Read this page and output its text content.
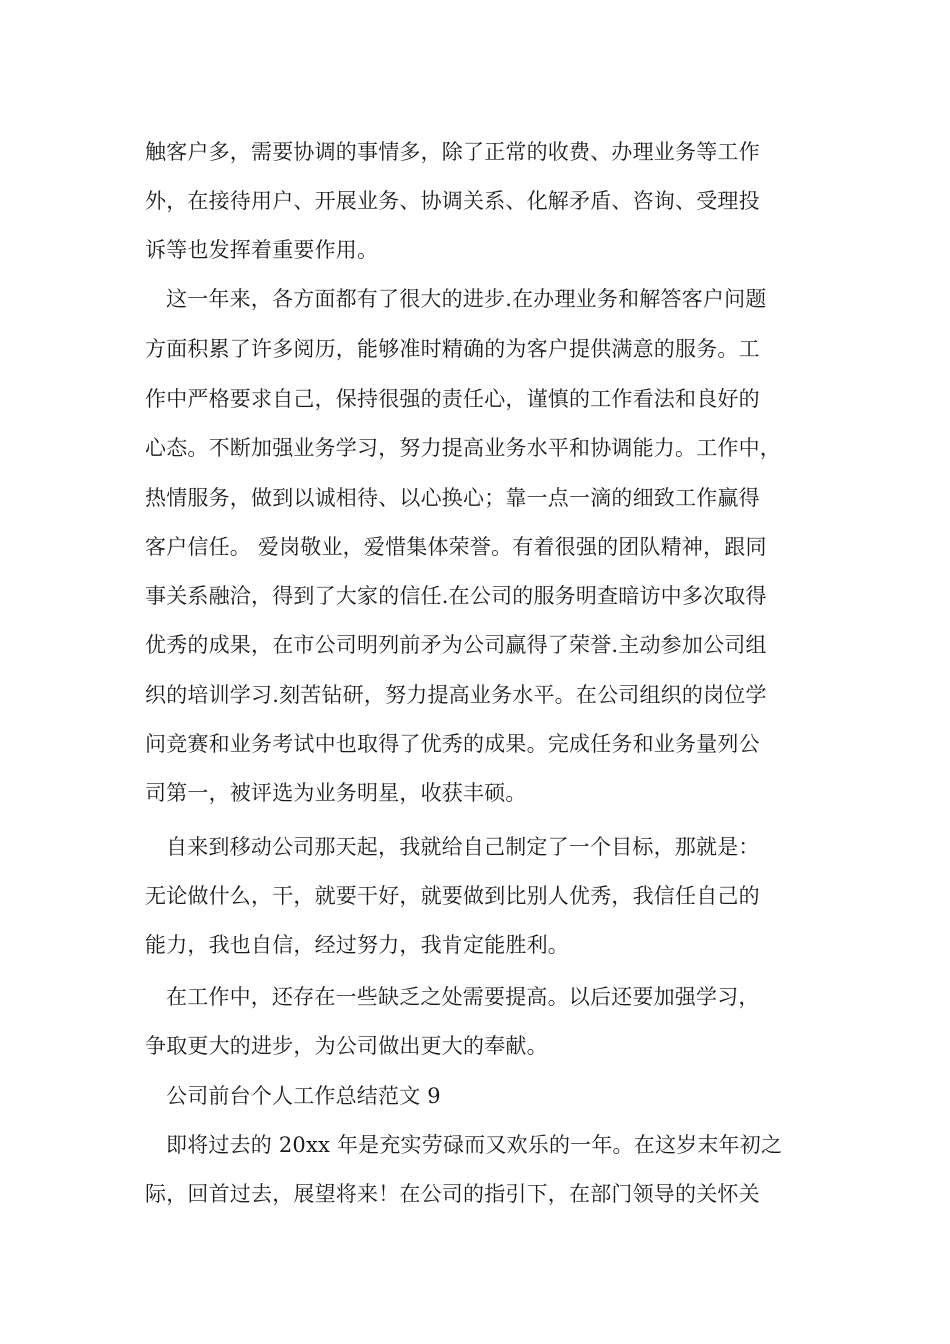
触客户多，需要协调的事情多，除了正常的收费、办理业务等工作
外，在接待用户、开展业务、协调关系、化解矛盾、咨询、受理投
诉等也发挥着重要作用。
这一年来，各方面都有了很大的进步.在办理业务和解答客户问题
方面积累了许多阅历，能够准时精确的为客户提供满意的服务。工
作中严格要求自己，保持很强的责任心，谨慎的工作看法和良好的
心态。不断加强业务学习，努力提高业务水平和协调能力。工作中，
热情服务，做到以诚相待、以心换心；靠一点一滴的细致工作赢得
客户信任。 爱岗敬业，爱惜集体荣誉。有着很强的团队精神，跟同
事关系融洽，得到了大家的信任.在公司的服务明查暗访中多次取得
优秀的成果，在市公司明列前矛为公司赢得了荣誉.主动参加公司组
织的培训学习.刻苦钻研，努力提高业务水平。在公司组织的岗位学
问竞赛和业务考试中也取得了优秀的成果。完成任务和业务量列公
司第一，被评选为业务明星，收获丰硕。
自来到移动公司那天起，我就给自己制定了一个目标，那就是：
无论做什么，干，就要干好，就要做到比别人优秀，我信任自己的
能力，我也自信，经过努力，我肯定能胜利。
在工作中，还存在一些缺乏之处需要提高。以后还要加强学习，
争取更大的进步，为公司做出更大的奉献。
公司前台个人工作总结范文 9
即将过去的 20xx 年是充实劳碌而又欢乐的一年。在这岁末年初之
际，回首过去，展望将来！在公司的指引下，在部门领导的关怀关
